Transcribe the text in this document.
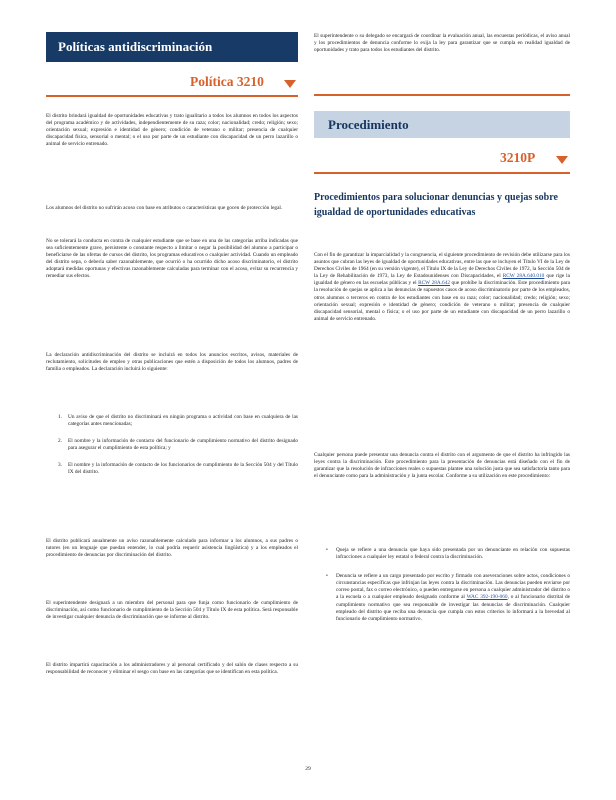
Políticas antidiscriminación
Política 3210

El distrito brindará igualdad de oportunidades educativas y trato igualitario a todos los alumnos en todos los aspectos del programa académico y de actividades, independientemente de su raza; color; nacionalidad; credo; religión; sexo; orientación sexual; expresión e identidad de género; condición de veterano o militar; presencia de cualquier discapacidad física, sensorial o mental; o el uso por parte de un estudiante con discapacidad de un perro lazarillo o animal de servicio entrenado.

Los alumnos del distrito no sufrirán acoso con base en atributos o características que gocen de protección legal.

No se tolerará la conducta en contra de cualquier estudiante que se base en una de las categorías arriba indicadas que sea suficientemente grave, persistente o constante respecto a limitar o negar la posibilidad del alumno a participar o beneficiarse de las ofertas de cursos del distrito, los programas educativos o cualquier actividad. Cuando un empleado del distrito sepa, o debería saber razonablemente, que ocurrió o ha ocurrido dicho acoso discriminatorio, el distrito adoptará medidas oportunas y efectivas razonablemente calculadas para terminar con el acoso, evitar su recurrencia y remediar sus efectos.

La declaración antidiscriminación del distrito se incluirá en todos los anuncios escritos, avisos, materiales de reclutamiento, solicitudes de empleo y otras publicaciones que estén a disposición de todos los alumnos, padres de familia o empleados. La declaración incluirá lo siguiente:

1. Un aviso de que el distrito no discriminará en ningún programa o actividad con base en cualquiera de las categorías antes mencionadas;
2. El nombre y la información de contacto del funcionario de cumplimiento normativo del distrito designado para asegurar el cumplimiento de esta política; y
3. El nombre y la información de contacto de los funcionarios de cumplimiento de la Sección 504 y del Título IX del distrito.

El distrito publicará anualmente un aviso razonablemente calculado para informar a los alumnos, a sus padres o tutores (en un lenguaje que puedan entender, lo cual podría requerir asistencia lingüística) y a los empleados el procedimiento de denuncias por discriminación del distrito.

El superintendente designará a un miembro del personal para que funja como funcionario de cumplimiento de discriminación, así como funcionario de cumplimiento de la Sección 504 y Título IX de esta política. Será responsable de investigar cualquier denuncia de discriminación que se informe al distrito.

El distrito impartirá capacitación a los administradores y al personal certificado y del salón de clases respecto a su responsabilidad de reconocer y eliminar el sesgo con base en las categorías que se identifican en esta política.

El superintendente o su delegado se encargará de coordinar la evaluación anual, las encuestas periódicas, el aviso anual y los procedimientos de denuncia conforme lo exija la ley para garantizar que se cumpla en realidad igualdad de oportunidades y trato para todos los estudiantes del distrito.

Procedimiento
3210P

Procedimientos para solucionar denuncias y quejas sobre igualdad de oportunidades educativas

Con el fin de garantizar la imparcialidad y la congruencia, el siguiente procedimiento de revisión debe utilizarse para los asuntos que cubran las leyes de igualdad de oportunidades educativas, entre las que se incluyen el Título VI de la Ley de Derechos Civiles de 1964 (en su versión vigente), el Título IX de la Ley de Derechos Civiles de 1972, la Sección 504 de la Ley de Rehabilitación de 1973, la Ley de Estadounidenses con Discapacidades, el RCW 28A.640.010 que rige la igualdad de género en las escuelas públicas y el RCW 28A.642 que prohíbe la discriminación. Este procedimiento para la resolución de quejas se aplica a las denuncias de supuestos casos de acoso discriminatorio por parte de los empleados, otros alumnos o terceros en contra de los estudiantes con base en su raza; color; nacionalidad; credo; religión; sexo; orientación sexual; expresión e identidad de género; condición de veterano o militar; presencia de cualquier discapacidad sensorial, mental o física; o el uso por parte de un estudiante con discapacidad de un perro lazarillo o animal de servicio entrenado.

Cualquier persona puede presentar una denuncia contra el distrito con el argumento de que el distrito ha infringido las leyes contra la discriminación. Este procedimiento para la presentación de denuncias está diseñado con el fin de garantizar que la resolución de infracciones reales o supuestas plantee una solución justa que sea satisfactoria tanto para el denunciante como para la administración y la junta escolar. Conforme a su utilización en este procedimiento:

• Queja se refiere a una denuncia que haya sido presentada por un denunciante en relación con supuestas infracciones a cualquier ley estatal o federal contra la discriminación.
• Denuncia se refiere a un cargo presentado por escrito y firmado con aseveraciones sobre actos, condiciones o circunstancias específicas que infrinjan las leyes contra la discriminación. Las denuncias pueden enviarse por correo postal, fax o correo electrónico, o pueden entregarse en persona a cualquier administrador del distrito o a la escuela o a cualquier empleado designado conforme al WAC 392-190-060, o al funcionario distrital de cumplimiento normativo que sea responsable de investigar las denuncias de discriminación. Cualquier empleado del distrito que reciba una denuncia que cumpla con estos criterios lo informará a la brevedad al funcionario de cumplimiento normativo.
29
